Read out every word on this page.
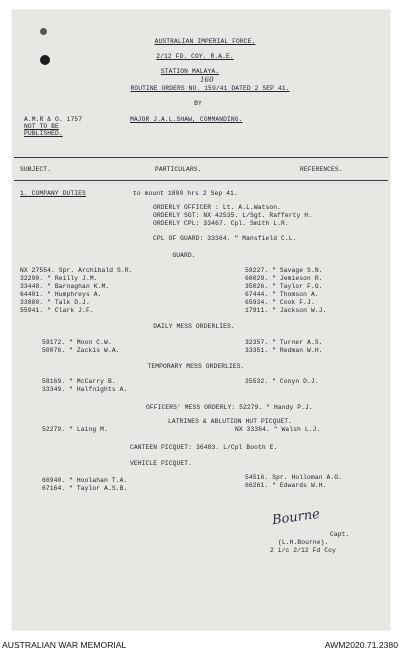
AUSTRALIAN IMPERIAL FORCE.
2/12 FD. COY. R.A.E.
STATION MALAYA.
160
ROUTINE ORDERS NO. 159/41 DATED 2 SEP 41.
BY
MAJOR J.A.L.SHAW, COMMANDING.
A.M.R & O. 1757
NOT TO BE
PUBLISHED.
SUBJECT.	PARTICULARS.	REFERENCES.
1. COMPANY DUTIES	to mount 1800 hrs 2 Sep 41.
ORDERLY OFFICER : Lt. A.L.Watson.
ORDERLY SGT: NX 42535. L/Sgt. Rafferty H.
ORDERLY CPL: 33467. Cpl. Smith L.R.
CPL OF GUARD: 33364. " Mansfield C.L.
GUARD.
NX 27554. Spr. Archibald S.R.
32290. " Reilly J.M.
33448. " Barnaghan K.M.
64401. " Humphreys A.
33880. " Talk D.J.
55941. " Clark J.F.
59227. " Savage S.N.
66029. " Jemieson R.
35026. " Taylor F.G.
67444. " Thomson A.
65934. " Cook F.J.
17911. " Jackson W.J.
DAILY MESS ORDERLIES.
59172. " Moon C.W.
50076. " Zackis W.A.
32357. " Turner A.S.
33351. " Redman W.H.
TEMPORARY MESS ORDERLIES.
58169. " McCarry B.
33349. " Halfnights A.
35532. " Conyn D.J.
OFFICERS' MESS ORDERLY: 52279. " Handy P.J.
LATRINES & ABLUTION HUT PICQUET.
52279. " Laing M.	NX 33364. " Walsh L.J.
CANTEEN PICQUET: 36483. L/Cpl Booth E.
VEHICLE PICQUET.
66940. " Hoolahan T.A.
67164. " Taylor A.S.B.
54516. Spr. Holloman A.G.
66261. " Edwards W.H.
Bourne
Capt.
(L.H.Bourne).
2 i/c 2/12 Fd Coy
AUSTRALIAN WAR MEMORIAL	AWM2020.71.2380
